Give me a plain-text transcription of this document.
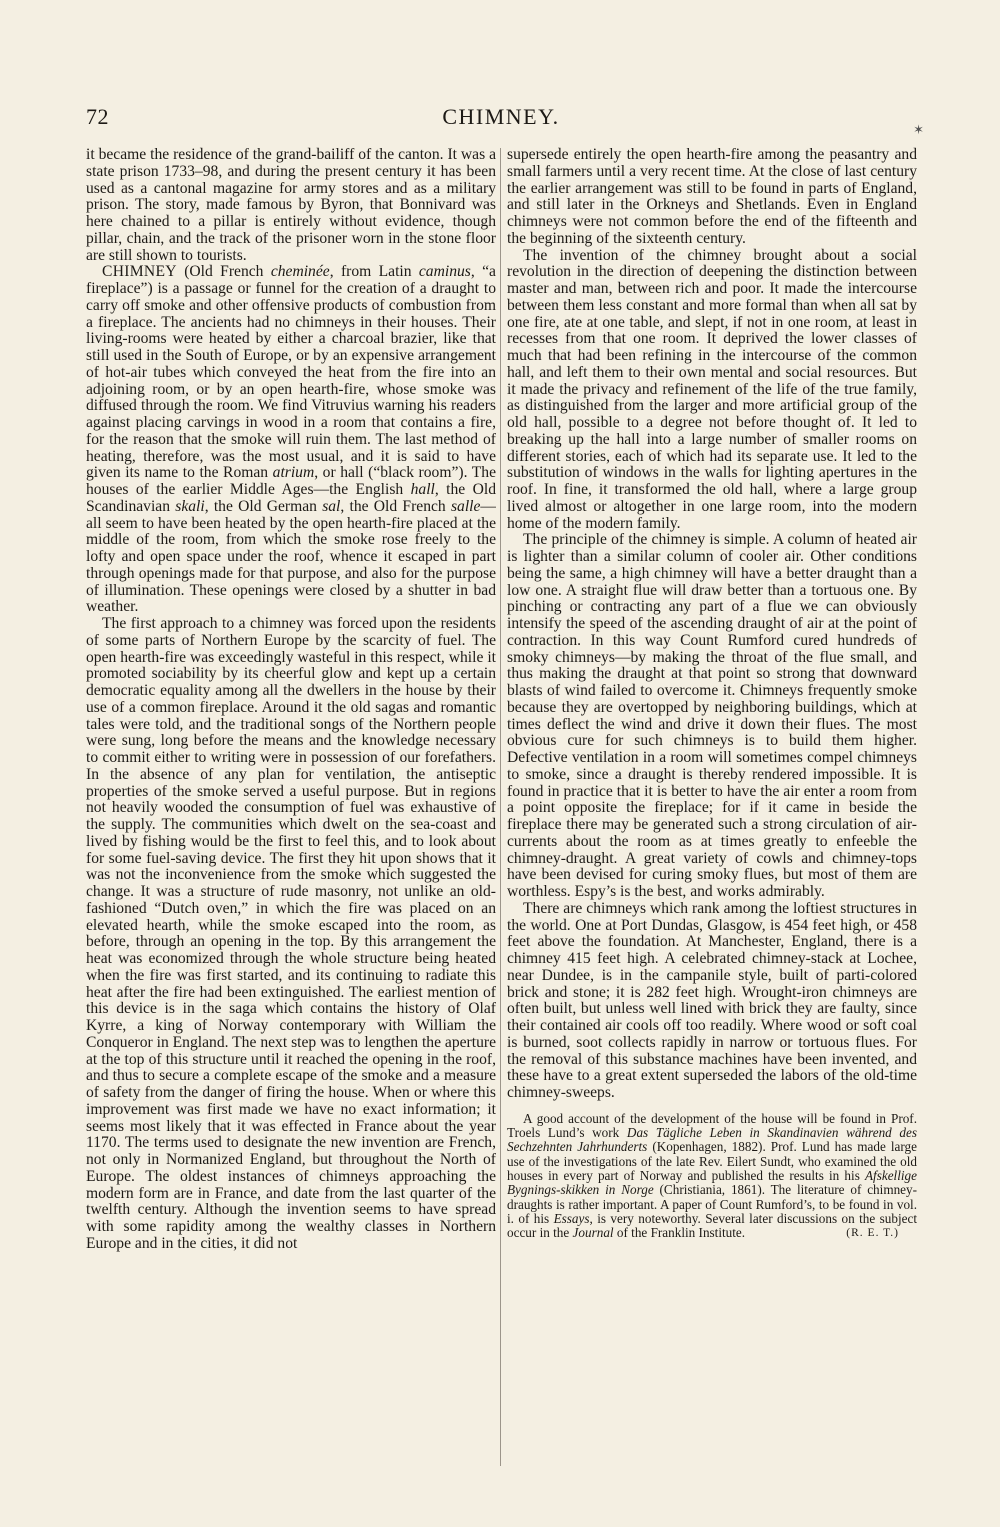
72	CHIMNEY.
✶

it became the residence of the grand-bailiff of the canton. It was a state prison 1733–98, and during the present century it has been used as a cantonal magazine for army stores and as a military prison. The story, made famous by Byron, that Bonnivard was here chained to a pillar is entirely without evidence, though pillar, chain, and the track of the prisoner worn in the stone floor are still shown to tourists.

CHIMNEY (Old French cheminée, from Latin caminus, “a fireplace”) is a passage or funnel for the creation of a draught to carry off smoke and other offensive products of combustion from a fireplace. The ancients had no chimneys in their houses. Their living-rooms were heated by either a charcoal brazier, like that still used in the South of Europe, or by an expensive arrangement of hot-air tubes which conveyed the heat from the fire into an adjoining room, or by an open hearth-fire, whose smoke was diffused through the room. We find Vitruvius warning his readers against placing carvings in wood in a room that contains a fire, for the reason that the smoke will ruin them. The last method of heating, therefore, was the most usual, and it is said to have given its name to the Roman atrium, or hall (“black room”). The houses of the earlier Middle Ages—the English hall, the Old Scandinavian skali, the Old German sal, the Old French salle—all seem to have been heated by the open hearth-fire placed at the middle of the room, from which the smoke rose freely to the lofty and open space under the roof, whence it escaped in part through openings made for that purpose, and also for the purpose of illumination. These openings were closed by a shutter in bad weather.

The first approach to a chimney was forced upon the residents of some parts of Northern Europe by the scarcity of fuel. The open hearth-fire was exceedingly wasteful in this respect, while it promoted sociability by its cheerful glow and kept up a certain democratic equality among all the dwellers in the house by their use of a common fireplace. Around it the old sagas and romantic tales were told, and the traditional songs of the Northern people were sung, long before the means and the knowledge necessary to commit either to writing were in possession of our forefathers. In the absence of any plan for ventilation, the antiseptic properties of the smoke served a useful purpose. But in regions not heavily wooded the consumption of fuel was exhaustive of the supply. The communities which dwelt on the sea-coast and lived by fishing would be the first to feel this, and to look about for some fuel-saving device. The first they hit upon shows that it was not the inconvenience from the smoke which suggested the change. It was a structure of rude masonry, not unlike an old-fashioned “Dutch oven,” in which the fire was placed on an elevated hearth, while the smoke escaped into the room, as before, through an opening in the top. By this arrangement the heat was economized through the whole structure being heated when the fire was first started, and its continuing to radiate this heat after the fire had been extinguished. The earliest mention of this device is in the saga which contains the history of Olaf Kyrre, a king of Norway contemporary with William the Conqueror in England. The next step was to lengthen the aperture at the top of this structure until it reached the opening in the roof, and thus to secure a complete escape of the smoke and a measure of safety from the danger of firing the house. When or where this improvement was first made we have no exact information; it seems most likely that it was effected in France about the year 1170. The terms used to designate the new invention are French, not only in Normanized England, but throughout the North of Europe. The oldest instances of chimneys approaching the modern form are in France, and date from the last quarter of the twelfth century. Although the invention seems to have spread with some rapidity among the wealthy classes in Northern Europe and in the cities, it did not

supersede entirely the open hearth-fire among the peasantry and small farmers until a very recent time. At the close of last century the earlier arrangement was still to be found in parts of England, and still later in the Orkneys and Shetlands. Even in England chimneys were not common before the end of the fifteenth and the beginning of the sixteenth century.

The invention of the chimney brought about a social revolution in the direction of deepening the distinction between master and man, between rich and poor. It made the intercourse between them less constant and more formal than when all sat by one fire, ate at one table, and slept, if not in one room, at least in recesses from that one room. It deprived the lower classes of much that had been refining in the intercourse of the common hall, and left them to their own mental and social resources. But it made the privacy and refinement of the life of the true family, as distinguished from the larger and more artificial group of the old hall, possible to a degree not before thought of. It led to breaking up the hall into a large number of smaller rooms on different stories, each of which had its separate use. It led to the substitution of windows in the walls for lighting apertures in the roof. In fine, it transformed the old hall, where a large group lived almost or altogether in one large room, into the modern home of the modern family.

The principle of the chimney is simple. A column of heated air is lighter than a similar column of cooler air. Other conditions being the same, a high chimney will have a better draught than a low one. A straight flue will draw better than a tortuous one. By pinching or contracting any part of a flue we can obviously intensify the speed of the ascending draught of air at the point of contraction. In this way Count Rumford cured hundreds of smoky chimneys—by making the throat of the flue small, and thus making the draught at that point so strong that downward blasts of wind failed to overcome it. Chimneys frequently smoke because they are overtopped by neighboring buildings, which at times deflect the wind and drive it down their flues. The most obvious cure for such chimneys is to build them higher. Defective ventilation in a room will sometimes compel chimneys to smoke, since a draught is thereby rendered impossible. It is found in practice that it is better to have the air enter a room from a point opposite the fireplace; for if it came in beside the fireplace there may be generated such a strong circulation of air-currents about the room as at times greatly to enfeeble the chimney-draught. A great variety of cowls and chimney-tops have been devised for curing smoky flues, but most of them are worthless. Espy’s is the best, and works admirably.

There are chimneys which rank among the loftiest structures in the world. One at Port Dundas, Glasgow, is 454 feet high, or 458 feet above the foundation. At Manchester, England, there is a chimney 415 feet high. A celebrated chimney-stack at Lochee, near Dundee, is in the campanile style, built of parti-colored brick and stone; it is 282 feet high. Wrought-iron chimneys are often built, but unless well lined with brick they are faulty, since their contained air cools off too readily. Where wood or soft coal is burned, soot collects rapidly in narrow or tortuous flues. For the removal of this substance machines have been invented, and these have to a great extent superseded the labors of the old-time chimney-sweeps.

A good account of the development of the house will be found in Prof. Troels Lund’s work Das Tägliche Leben in Skandinavien während des Sechzehnten Jahrhunderts (Kopenhagen, 1882). Prof. Lund has made large use of the investigations of the late Rev. Eilert Sundt, who examined the old houses in every part of Norway and published the results in his Afskellige Bygnings-skikken in Norge (Christiania, 1861). The literature of chimney-draughts is rather important. A paper of Count Rumford’s, to be found in vol. i. of his Essays, is very noteworthy. Several later discussions on the subject occur in the Journal of the Franklin Institute.	(R. E. T.)
